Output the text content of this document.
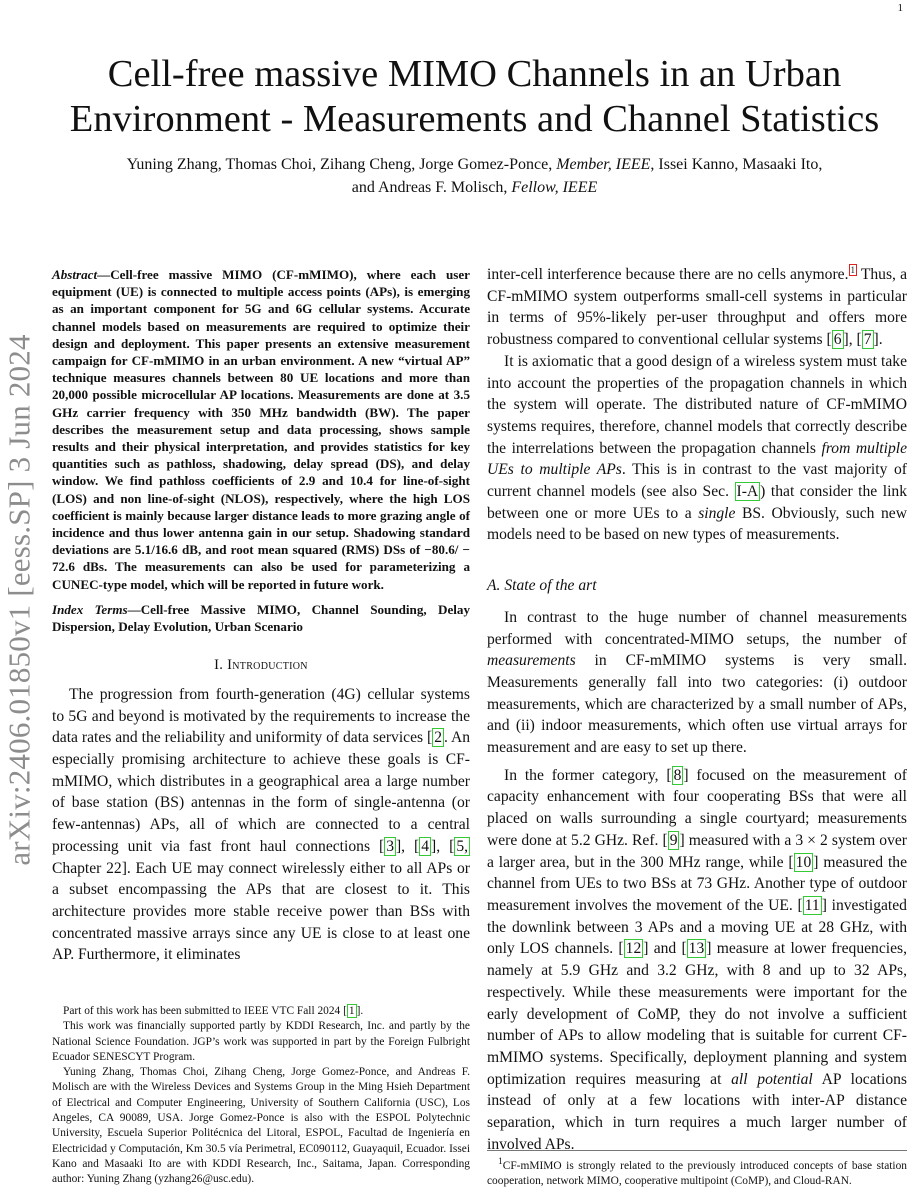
1
arXiv:2406.01850v1 [eess.SP] 3 Jun 2024
Cell-free massive MIMO Channels in an Urban Environment - Measurements and Channel Statistics
Yuning Zhang, Thomas Choi, Zihang Cheng, Jorge Gomez-Ponce, Member, IEEE, Issei Kanno, Masaaki Ito,
and Andreas F. Molisch, Fellow, IEEE

Abstract—Cell-free massive MIMO (CF-mMIMO), where each user equipment (UE) is connected to multiple access points (APs), is emerging as an important component for 5G and 6G cellular systems. Accurate channel models based on measurements are required to optimize their design and deployment. This paper presents an extensive measurement campaign for CF-mMIMO in an urban environment. A new “virtual AP” technique measures channels between 80 UE locations and more than 20,000 possible microcellular AP locations. Measurements are done at 3.5 GHz carrier frequency with 350 MHz bandwidth (BW). The paper describes the measurement setup and data processing, shows sample results and their physical interpretation, and provides statistics for key quantities such as pathloss, shadowing, delay spread (DS), and delay window. We find pathloss coefficients of 2.9 and 10.4 for line-of-sight (LOS) and non line-of-sight (NLOS), respectively, where the high LOS coefficient is mainly because larger distance leads to more grazing angle of incidence and thus lower antenna gain in our setup. Shadowing standard deviations are 5.1/16.6 dB, and root mean squared (RMS) DSs of −80.6/ − 72.6 dBs. The measurements can also be used for parameterizing a CUNEC-type model, which will be reported in future work.

Index Terms—Cell-free Massive MIMO, Channel Sounding, Delay Dispersion, Delay Evolution, Urban Scenario

I. Introduction

The progression from fourth-generation (4G) cellular systems to 5G and beyond is motivated by the requirements to increase the data rates and the reliability and uniformity of data services [ 2 . An especially promising architecture to achieve these goals is CF-mMIMO, which distributes in a geographical area a large number of base station (BS) antennas in the form of single-antenna (or few-antennas) APs, all of which are connected to a central processing unit via fast front haul connections [ 3 ], [ 4 ], [ 5, Chapter 22]. Each UE may connect wirelessly either to all APs or a subset encompassing the APs that are closest to it. This architecture provides more stable receive power than BSs with concentrated massive arrays since any UE is close to at least one AP. Furthermore, it eliminates

Part of this work has been submitted to IEEE VTC Fall 2024 [ 1 ].

This work was financially supported partly by KDDI Research, Inc. and partly by the National Science Foundation. JGP’s work was supported in part by the Foreign Fulbright Ecuador SENESCYT Program.

Yuning Zhang, Thomas Choi, Zihang Cheng, Jorge Gomez-Ponce, and Andreas F. Molisch are with the Wireless Devices and Systems Group in the Ming Hsieh Department of Electrical and Computer Engineering, University of Southern California (USC), Los Angeles, CA 90089, USA. Jorge Gomez-Ponce is also with the ESPOL Polytechnic University, Escuela Superior Politécnica del Litoral, ESPOL, Facultad de Ingeniería en Electricidad y Computación, Km 30.5 vía Perimetral, EC090112, Guayaquil, Ecuador. Issei Kano and Masaaki Ito are with KDDI Research, Inc., Saitama, Japan. Corresponding author: Yuning Zhang (yzhang26@usc.edu).

inter-cell interference because there are no cells anymore. $^1$ Thus, a CF-mMIMO system outperforms small-cell systems in particular in terms of 95%-likely per-user throughput and offers more robustness compared to conventional cellular systems [ 6 ], [ 7 ].

It is axiomatic that a good design of a wireless system must take into account the properties of the propagation channels in which the system will operate. The distributed nature of CF-mMIMO systems requires, therefore, channel models that correctly describe the interrelations between the propagation channels from multiple UEs to multiple APs. This is in contrast to the vast majority of current channel models (see also Sec. I-A ) that consider the link between one or more UEs to a single BS. Obviously, such new models need to be based on new types of measurements.

A. State of the art

In contrast to the huge number of channel measurements performed with concentrated-MIMO setups, the number of measurements in CF-mMIMO systems is very small. Measurements generally fall into two categories: (i) outdoor measurements, which are characterized by a small number of APs, and (ii) indoor measurements, which often use virtual arrays for measurement and are easy to set up there.

In the former category, [ 8 ] focused on the measurement of capacity enhancement with four cooperating BSs that were all placed on walls surrounding a single courtyard; measurements were done at 5.2 GHz. Ref. [ 9 ] measured with a 3 × 2 system over a larger area, but in the 300 MHz range, while [ 10 ] measured the channel from UEs to two BSs at 73 GHz. Another type of outdoor measurement involves the movement of the UE. [ 11 ] investigated the downlink between 3 APs and a moving UE at 28 GHz, with only LOS channels. [ 12 ] and [ 13 ] measure at lower frequencies, namely at 5.9 GHz and 3.2 GHz, with 8 and up to 32 APs, respectively. While these measurements were important for the early development of CoMP, they do not involve a sufficient number of APs to allow modeling that is suitable for current CF-mMIMO systems. Specifically, deployment planning and system optimization requires measuring at all potential AP locations instead of only at a few locations with inter-AP distance separation, which in turn requires a much larger number of involved APs.

$^1$CF-mMIMO is strongly related to the previously introduced concepts of base station cooperation, network MIMO, cooperative multipoint (CoMP), and Cloud-RAN.
